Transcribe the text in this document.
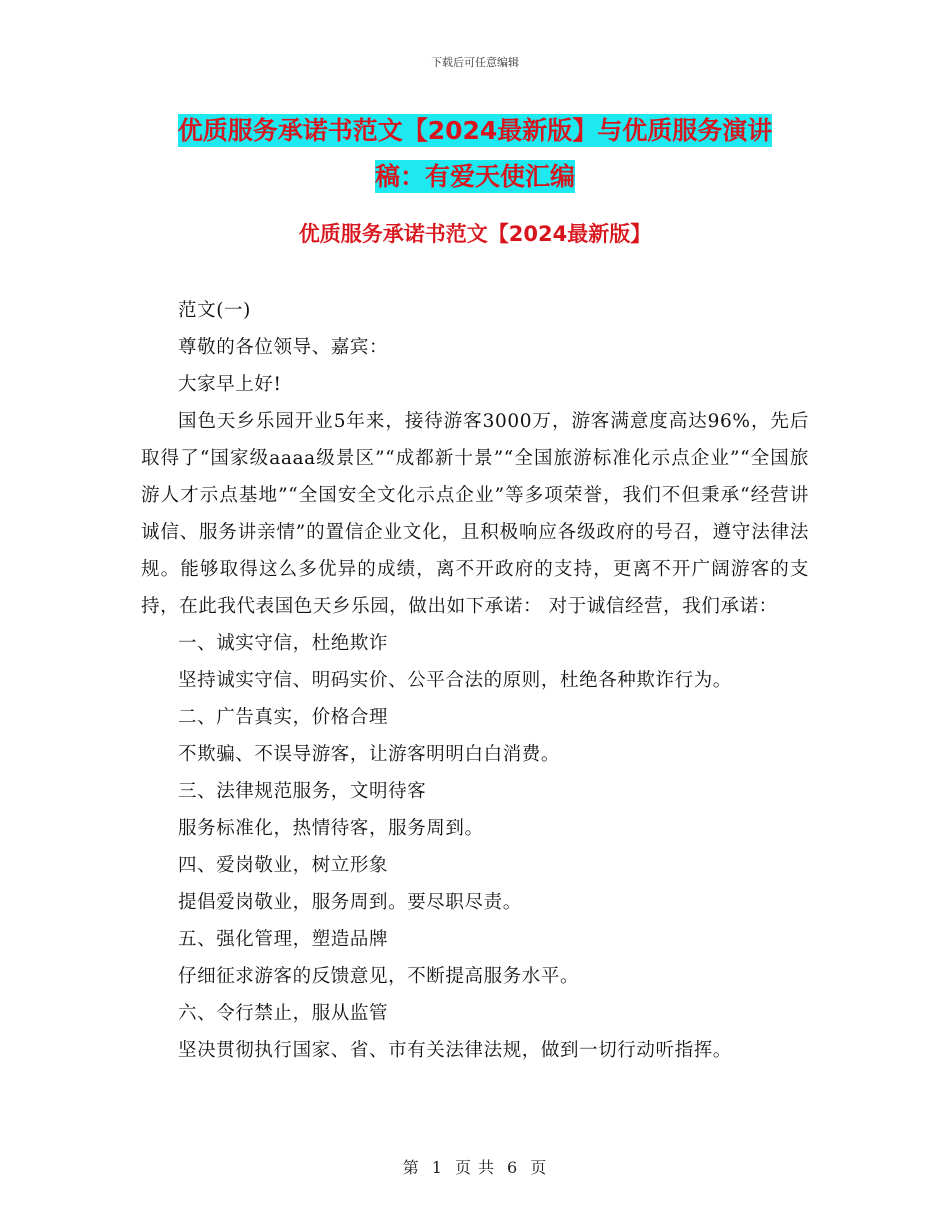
下载后可任意编辑
优质服务承诺书范文【2024最新版】与优质服务演讲
稿：有爱天使汇编
优质服务承诺书范文【2024最新版】

范文(一)

尊敬的各位领导、嘉宾：

大家早上好!

国色天乡乐园开业5年来，接待游客3000万，游客满意度高达96%，先后取得了“国家级aaaa级景区”“成都新十景”“全国旅游标准化示点企业”“全国旅游人才示点基地”“全国安全文化示点企业”等多项荣誉，我们不但秉承“经营讲诚信、服务讲亲情”的置信企业文化，且积极响应各级政府的号召，遵守法律法规。能够取得这么多优异的成绩，离不开政府的支持，更离不开广阔游客的支持，在此我代表国色天乡乐园，做出如下承诺： 对于诚信经营，我们承诺：

一、诚实守信，杜绝欺诈

坚持诚实守信、明码实价、公平合法的原则，杜绝各种欺诈行为。

二、广告真实，价格合理

不欺骗、不误导游客，让游客明明白白消费。

三、法律规范服务，文明待客

服务标准化，热情待客，服务周到。

四、爱岗敬业，树立形象

提倡爱岗敬业，服务周到。要尽职尽责。

五、强化管理，塑造品牌

仔细征求游客的反馈意见，不断提高服务水平。

六、令行禁止，服从监管

坚决贯彻执行国家、省、市有关法律法规，做到一切行动听指挥。

第 1 页 共 6 页
